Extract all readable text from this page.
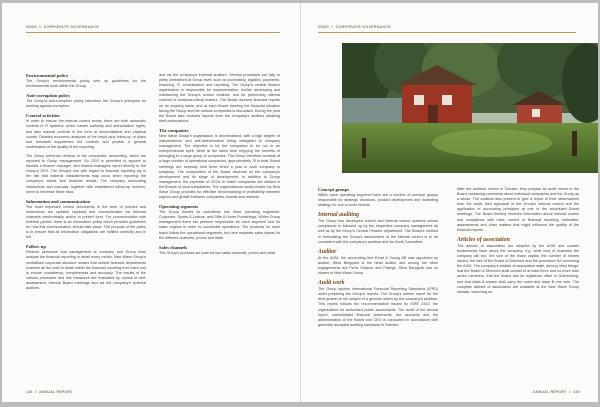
NIWO // CORPORATE GOVERNANCE	NIWO // CORPORATE GOVERNANCE
Environmental policy

The Group's environmental policy sets up guidelines for the environmental work within the Group.

Anti-corruption policy

The Group's anti-corruption policy describes the Group's principles for working against corruption.

Control activities

In order to ensure the internal control works, there are both automatic controls in IT systems, which handle authority and authorisation rights, and also manual controls in the form of reconciliations and physical counts. Detailed economic analyses of the result plus follow-up of plans and forecasts supplement the controls and provide a general confirmation of the quality of the reporting.

The Group performs reviews of the companies' accounting, which are reported to Group management. So CEO is permitted to appoint or dismiss a finance manager, and finance managers report directly to the Group's CFO. The Group's role with regard to financial reporting lay in the risk that material misstatements may occur when reporting the company's status and financial results. The company accounting instructions and manuals, together with established follow-up routines, serve to minimise these risks.

Information and communication

The most important control documents in the form of policies and instructions are updated regularly and communicated via relevant channels electronically and/or in printed form. For communication with external parties, there is an information policy which provides guidelines for how this communication should take place. The purpose of the policy is to ensure that all information obligations are fulfilled correctly and in full.

Follow-up

Finance personnel and management at company and Group level analyse the financial reporting in detail every month. New Wave Group's centralised corporate structure means that central financial departments examine all the units in detail within the financial reporting from each unit to ensure consistency, completeness and accuracy. The results of the various processes and risk measures are evaluated by means of self-assessment, internal Board meetings and via the company's external auditors.

and via the company's external auditors. Several processes are fully or partly centralised at Group level, such as purchasing, logistics, payments, financing, IT, consolidation and reporting. The Group's central finance organisation is responsible for implementation, further developing and maintaining the Group's control routines, and for performing internal controls of business-critical matters. The Board receives financial reports on an ongoing basis, and at each Board meeting the financial situation facing the Group and the various companies is discussed. During the year the Board also receives reports from the company's auditors detailing their observations.

The companies

New Wave Group's organisation is decentralised, with a high degree of independence and self-determination being delegated to company management. The objective is for the companies to be run in an entrepreneurial spirit, while at the same time enjoying the benefits of belonging to a large group of companies. The Group therefore consists of a large number of operational companies, approximately 70 in total. Board meetings are normally held three times a year in each company or subgroup. The composition of the Board depends on the company's development and its stage of development. In addition to Group management, the expertise of CEOs in 'sister' companies are utilised in the Boards of local subsidiaries. The organisational model chosen by New Wave Group provides for effective benchmarking of profitability between regions and growth between companies, brands and markets.

Operating segments

The Group divides its operations into three operating segments: Corporate, Sports & Leisure, and Gifts & Home Furnishings. Within Group management there are persons responsible for each segment and for sales regions in order to coordinate operations. The products for each brand follow the operational segments, but here separate sales teams for the different channels, promo and retail.

Sales channels

The Group's products are sold via two sales channels, promo and retail.

Concept groups

Within each operating segment there are a number of concept groups responsible for strategic decisions, product development and marketing strategy for one or more brands.

Internal auditing

The Group has developed control and internal control systems whose compliance is followed up by the respective company management as well as by the Group's Central Finance department. The Board's method in formulating the Group's assessment of the internal control is to be consistent with the company's auditors and the Audit Committee.

Auditor

At the AGM, the accounting firm Ernst & Young AB was appointed as auditor. Stina Bergqvist is the head auditor and among her other engagements are Fenix Outdoor and Fabege. Stina Bergqvist has no shares in New Wave Group.

Audit work

The Group applies International Financial Reporting Standards (IFRS) when preparing the Group's reports. The Group's interim report for the third quarter is the subject of a general review by the company's auditors. This review follows the recommendation issued by ISRE 2410, the organisation for authorised public accountants. The audit of the annual report, consolidated financial statements, the accounts and the administration of the Board and CEO is conducted in accordance with generally accepted auditing standards in Sweden.

After the auditors' review in October, they prepare an audit memo to the Board containing comments about individual companies and the Group as a whole. The auditors also present to give a report of their observations from the audit, their appraisal of the Group's internal control and the application of accounting principles at one of the scheduled Board meetings. The Board thereby receives information about internal control and compliance with rules, control of financial reporting, estimates, assessments and other matters that might influence the quality of the financial reports.

Articles of association

The articles of association are adopted by the AGM and contain fundamental facts about the company, e.g. what kind of business the company will run, the size of the share capital, the number of shares issued, the size of the Board of Directors and the procedure for convening the AGM. The company's articles of association state, among other things, that the Board of Directors shall consist of at least three and no more than seven members, that the Board has its registered office in Gothenburg, and that class A shares shall carry ten votes and class B one vote. The complete articles of association are available at the New Wave Group website, www.nwg.se.

144 // ANNUAL REPORT	ANNUAL REPORT // 145
